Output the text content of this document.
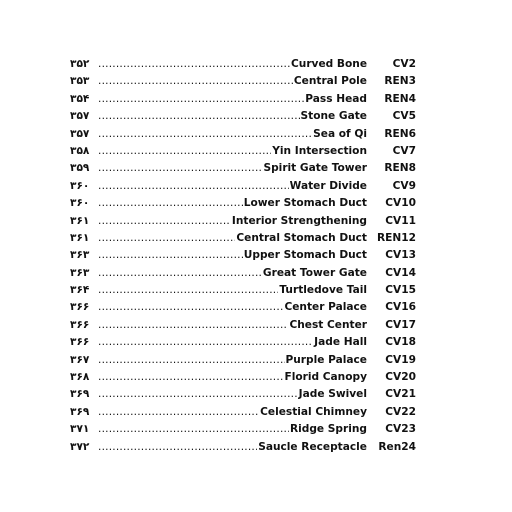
۳۵۲ .....	Curved Bone	CV2
۳۵۳ .....	Central Pole	REN3
۳۵۴ .....	Pass Head	REN4
۳۵۷ .....	Stone Gate	CV5
۳۵۷ .....	Sea of Qi	REN6
۳۵۸ .....	Yin Intersection	CV7
۳۵۹ .....	Spirit Gate Tower	REN8
۳۶۰ .....	Water Divide	CV9
۳۶۰ .....	Lower Stomach Duct	CV10
۳۶۱ .....	Interior Strengthening	CV11
۳۶۱ .....	Central Stomach Duct REN12
۳۶۳ .....	Upper Stomach Duct	CV13
۳۶۳ .....	Great Tower Gate	CV14
۳۶۴ .....	Turtledove Tail	CV15
۳۶۶ .....	Center Palace	CV16
۳۶۶ .....	Chest Center	CV17
۳۶۶ .....	Jade Hall	CV18
۳۶۷ .....	Purple Palace	CV19
۳۶۸ .....	Florid Canopy	CV20
۳۶۹ .....	Jade Swivel	CV21
۳۶۹ .....	Celestial Chimney	CV22
۳۷۱ .....	Ridge Spring	CV23
۳۷۲ .....	Saucle Receptacle	Ren24
